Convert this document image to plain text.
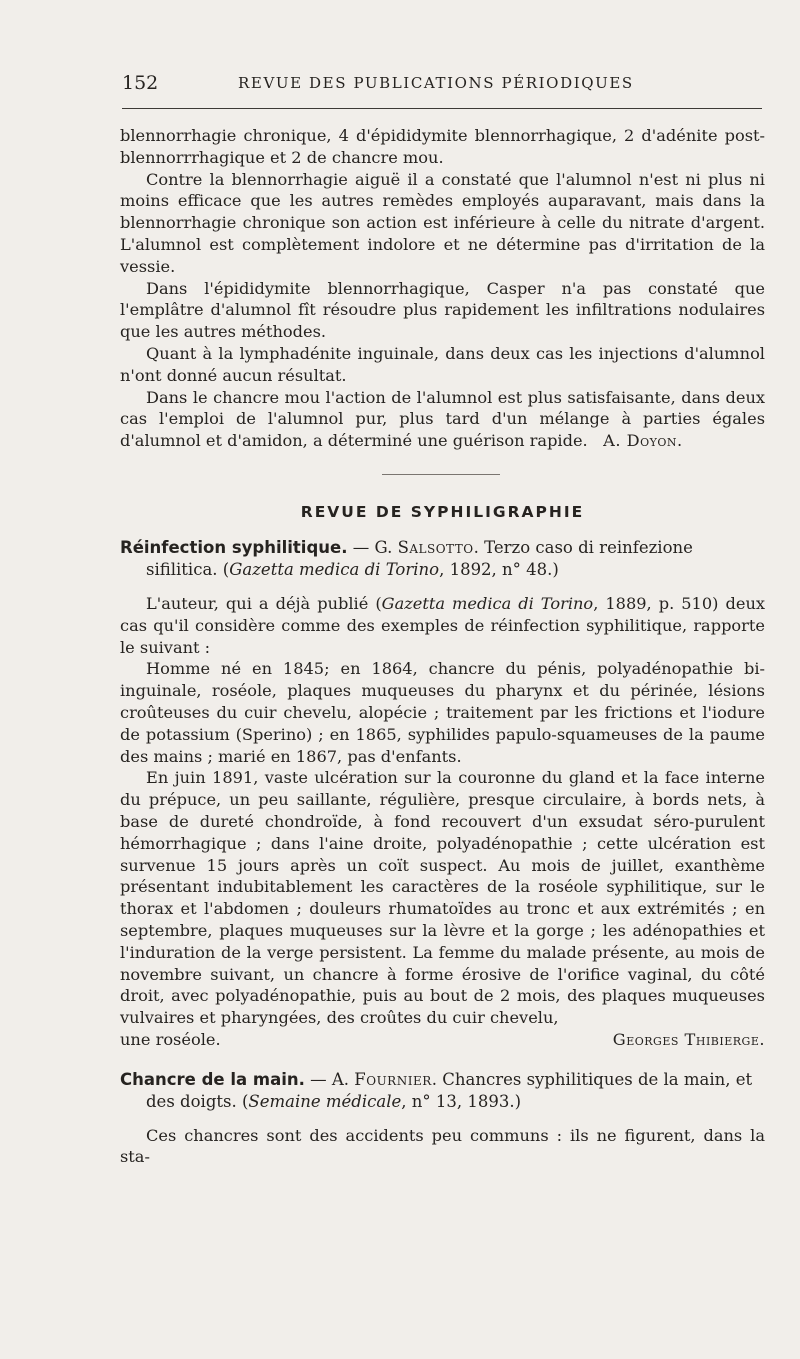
152	REVUE DES PUBLICATIONS PÉRIODIQUES

blennorrhagie chronique, 4 d'épididymite blennorrhagique, 2 d'adénite post-blennorrrhagique et 2 de chancre mou.

Contre la blennorrhagie aiguë il a constaté que l'alumnol n'est ni plus ni moins efficace que les autres remèdes employés auparavant, mais dans la blennorrhagie chronique son action est inférieure à celle du nitrate d'argent. L'alumnol est complètement indolore et ne détermine pas d'irritation de la vessie.

Dans l'épididymite blennorrhagique, Casper n'a pas constaté que l'emplâtre d'alumnol fît résoudre plus rapidement les infiltrations nodulaires que les autres méthodes.

Quant à la lymphadénite inguinale, dans deux cas les injections d'alumnol n'ont donné aucun résultat.

Dans le chancre mou l'action de l'alumnol est plus satisfaisante, dans deux cas l'emploi de l'alumnol pur, plus tard d'un mélange à parties égales d'alumnol et d'amidon, a déterminé une guérison rapide. A. Doyon.

REVUE DE SYPHILIGRAPHIE
Réinfection syphilitique. — G. Salsotto. Terzo caso di reinfezione sifilitica. (Gazetta medica di Torino, 1892, n° 48.)

L'auteur, qui a déjà publié (Gazetta medica di Torino, 1889, p. 510) deux cas qu'il considère comme des exemples de réinfection syphilitique, rapporte le suivant :

Homme né en 1845; en 1864, chancre du pénis, polyadénopathie bi-inguinale, roséole, plaques muqueuses du pharynx et du périnée, lésions croûteuses du cuir chevelu, alopécie ; traitement par les frictions et l'iodure de potassium (Sperino) ; en 1865, syphilides papulo-squameuses de la paume des mains ; marié en 1867, pas d'enfants.

En juin 1891, vaste ulcération sur la couronne du gland et la face interne du prépuce, un peu saillante, régulière, presque circulaire, à bords nets, à base de dureté chondroïde, à fond recouvert d'un exsudat séro-purulent hémorrhagique ; dans l'aine droite, polyadénopathie ; cette ulcération est survenue 15 jours après un coït suspect. Au mois de juillet, exanthème présentant indubitablement les caractères de la roséole syphilitique, sur le thorax et l'abdomen ; douleurs rhumatoïdes au tronc et aux extrémités ; en septembre, plaques muqueuses sur la lèvre et la gorge ; les adénopathies et l'induration de la verge persistent. La femme du malade présente, au mois de novembre suivant, un chancre à forme érosive de l'orifice vaginal, du côté droit, avec polyadénopathie, puis au bout de 2 mois, des plaques muqueuses vulvaires et pharyngées, des croûtes du cuir chevelu,

une roséole.	Georges Thibierge.

Chancre de la main. — A. Fournier. Chancres syphilitiques de la main, et des doigts. (Semaine médicale, n° 13, 1893.)

Ces chancres sont des accidents peu communs : ils ne figurent, dans la sta-
